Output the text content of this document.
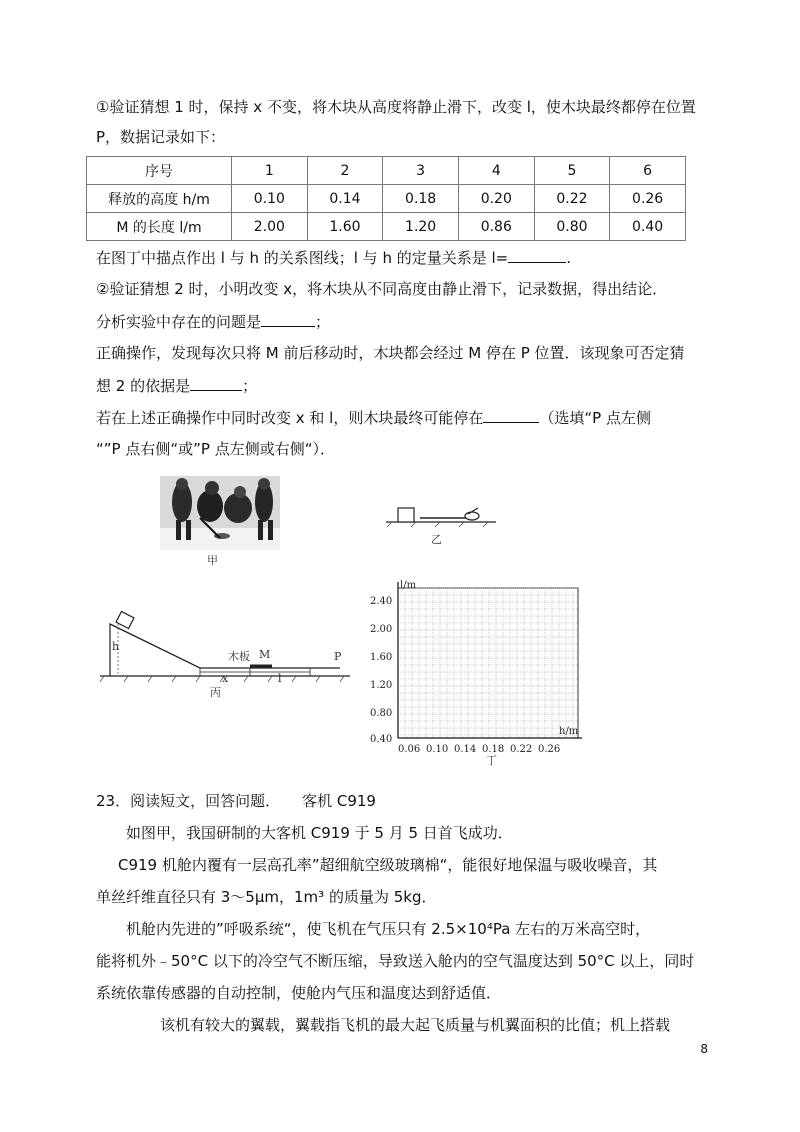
①验证猜想 1 时，保持 x 不变，将木块从高度将静止滑下，改变 l，使木块最终都停在位置
P，数据记录如下：
序号	1	2	3	4	5	6
释放的高度 h/m	0.10	0.14	0.18	0.20	0.22	0.26
M 的长度 l/m	2.00	1.60	1.20	0.86	0.80	0.40
在图丁中描点作出 l 与 h 的关系图线；l 与 h 的定量关系是 l=	.
②验证猜想 2 时，小明改变 x，将木块从不同高度由静止滑下，记录数据，得出结论．
分析实验中存在的问题是	；
正确操作，发现每次只将 M 前后移动时，木块都会经过 M 停在 P 位置．该现象可否定猜
想 2 的依据是	；
若在上述正确操作中同时改变 x 和 l，则木块最终可能停在	（选填“P 点左侧
“”P 点右侧“或”P 点左侧或右侧“）．
甲
乙
h
木板 M	P
x	l
丙
l/m
h/m
2.40
2.00
1.60
1.20
0.80
0.40
0.06 0.10 0.14 0.18 0.22 0.26
丁
23．阅读短文，回答问题． 客机 C919
如图甲，我国研制的大客机 C919 于 5 月 5 日首飞成功．
C919 机舱内覆有一层高孔率”超细航空级玻璃棉“，能很好地保温与吸收噪音，其
单丝纤维直径只有 3～5μm，1m³ 的质量为 5kg．
机舱内先进的”呼吸系统“，使飞机在气压只有 2.5×10⁴Pa 左右的万米高空时，
能将机外﹣50°C 以下的冷空气不断压缩，导致送入舱内的空气温度达到 50°C 以上，同时
系统依靠传感器的自动控制，使舱内气压和温度达到舒适值．
该机有较大的翼载，翼载指飞机的最大起飞质量与机翼面积的比值；机上搭载
8
